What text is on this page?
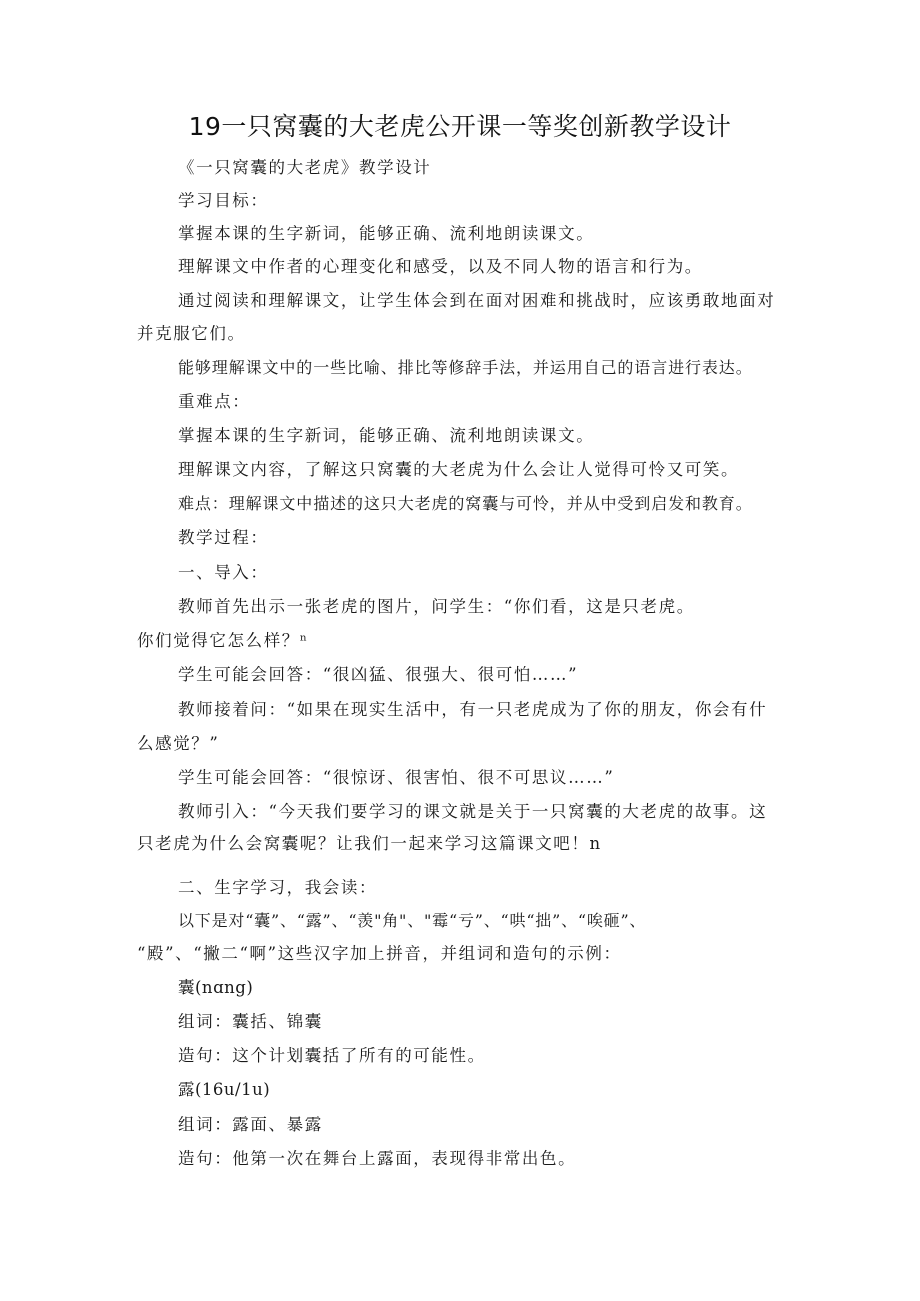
19一只窝囊的大老虎公开课一等奖创新教学设计

《一只窝囊的大老虎》教学设计

学习目标：

掌握本课的生字新词，能够正确、流利地朗读课文。

理解课文中作者的心理变化和感受，以及不同人物的语言和行为。

通过阅读和理解课文，让学生体会到在面对困难和挑战时，应该勇敢地面对

并克服它们。

能够理解课文中的一些比喻、排比等修辞手法，并运用自己的语言进行表达。

重难点：

掌握本课的生字新词，能够正确、流利地朗读课文。

理解课文内容，了解这只窝囊的大老虎为什么会让人觉得可怜又可笑。

难点：理解课文中描述的这只大老虎的窝囊与可怜，并从中受到启发和教育。

教学过程：

一、导入：

教师首先出示一张老虎的图片，问学生：“你们看，这是只老虎。

你们觉得它怎么样？ⁿ

学生可能会回答：“很凶猛、很强大、很可怕……”

教师接着问：“如果在现实生活中，有一只老虎成为了你的朋友，你会有什

么感觉？”

学生可能会回答：“很惊讶、很害怕、很不可思议……”

教师引入：“今天我们要学习的课文就是关于一只窝囊的大老虎的故事。这

只老虎为什么会窝囊呢？让我们一起来学习这篇课文吧！n

二、生字学习，我会读：

以下是对“囊”、“露”、“羡"角"、"霉“亏”、“哄“拙”、“唉砸”、

“殿”、“撇二“啊”这些汉字加上拼音，并组词和造句的示例：

囊(nɑng)

组词：囊括、锦囊

造句：这个计划囊括了所有的可能性。

露(16u/1u)

组词：露面、暴露

造句：他第一次在舞台上露面，表现得非常出色。
